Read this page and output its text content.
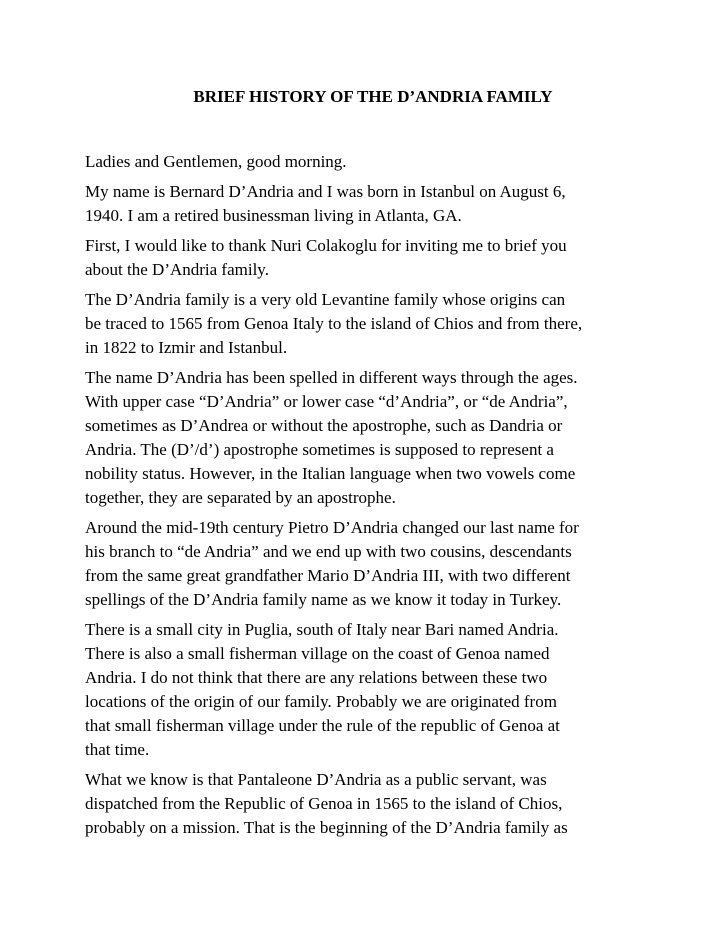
BRIEF HISTORY OF THE D’ANDRIA FAMILY

Ladies and Gentlemen, good morning.

My name is Bernard D’Andria and I was born in Istanbul on August 6,
1940. I am a retired businessman living in Atlanta, GA.

First, I would like to thank Nuri Colakoglu for inviting me to brief you
about the D’Andria family.

The D’Andria family is a very old Levantine family whose origins can
be traced to 1565 from Genoa Italy to the island of Chios and from there,
in 1822 to Izmir and Istanbul.

The name D’Andria has been spelled in different ways through the ages.
With upper case “D’Andria” or lower case “d’Andria”, or “de Andria”,
sometimes as D’Andrea or without the apostrophe, such as Dandria or
Andria. The (D’/d’) apostrophe sometimes is supposed to represent a
nobility status. However, in the Italian language when two vowels come
together, they are separated by an apostrophe.

Around the mid-19th century Pietro D’Andria changed our last name for
his branch to “de Andria” and we end up with two cousins, descendants
from the same great grandfather Mario D’Andria III, with two different
spellings of the D’Andria family name as we know it today in Turkey.

There is a small city in Puglia, south of Italy near Bari named Andria.
There is also a small fisherman village on the coast of Genoa named
Andria. I do not think that there are any relations between these two
locations of the origin of our family. Probably we are originated from
that small fisherman village under the rule of the republic of Genoa at
that time.

What we know is that Pantaleone D’Andria as a public servant, was
dispatched from the Republic of Genoa in 1565 to the island of Chios,
probably on a mission. That is the beginning of the D’Andria family as
